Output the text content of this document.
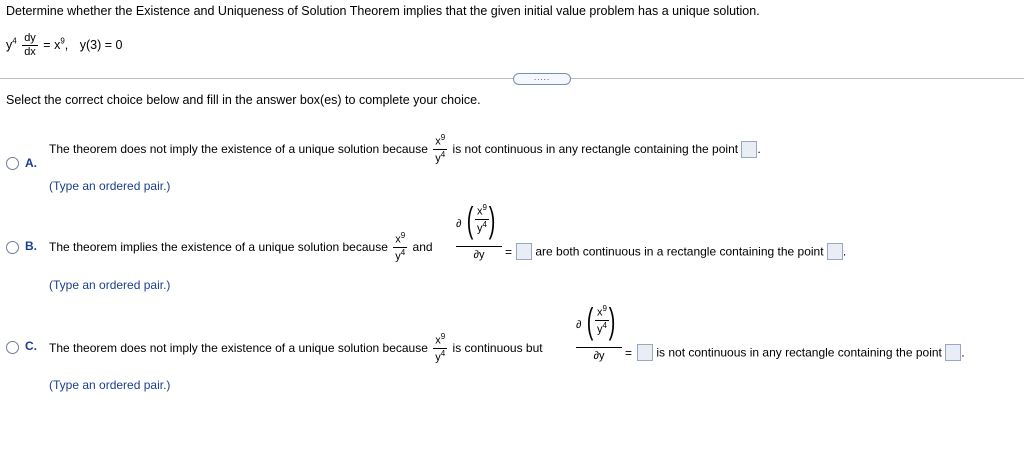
Determine whether the Existence and Uniqueness of Solution Theorem implies that the given initial value problem has a unique solution.
$y^4 \frac{dy}{dx} = x^9$, y(3) = 0
.....
Select the correct choice below and fill in the answer box(es) to complete your choice.
A.
The theorem does not imply the existence of a unique solution because $\frac{x^9}{y^4}$ is not continuous in any rectangle containing the point .
(Type an ordered pair.)
B. The theorem implies the existence of a unique solution because $\frac{x^9}{y^4}$ and
∂ ( $\frac{x^9}{y^4}$ )
∂y	=	are both continuous in a rectangle containing the point .
(Type an ordered pair.)
C. The theorem does not imply the existence of a unique solution because $\frac{x^9}{y^4}$ is continuous but
∂ ( $\frac{x^9}{y^4}$ )
∂y	=	is not continuous in any rectangle containing the point .
(Type an ordered pair.)
